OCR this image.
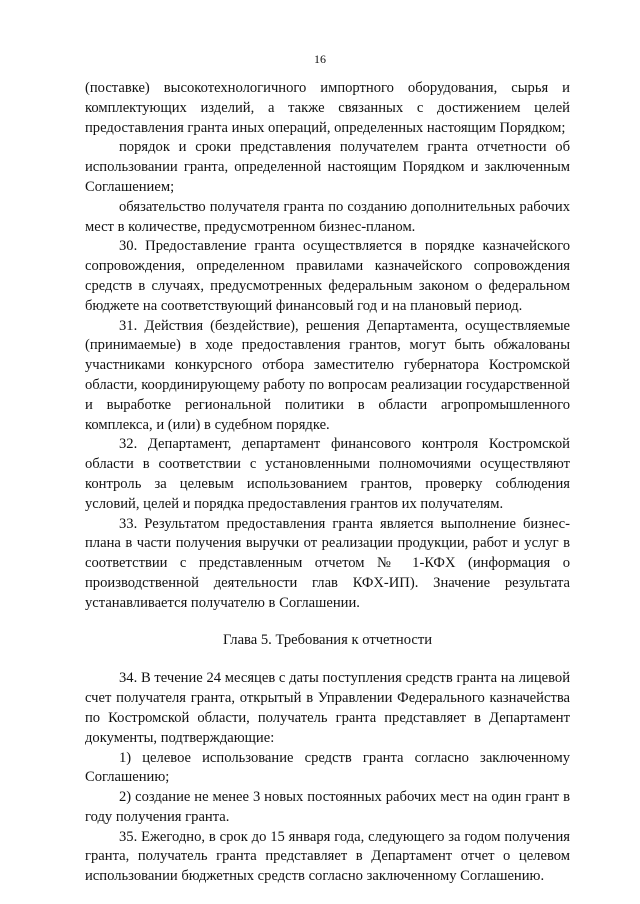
16

(поставке) высокотехнологичного импортного оборудования, сырья и комплектующих изделий, а также связанных с достижением целей предоставления гранта иных операций, определенных настоящим Порядком;

порядок и сроки представления получателем гранта отчетности об использовании гранта, определенной настоящим Порядком и заключенным Соглашением;

обязательство получателя гранта по созданию дополнительных рабочих мест в количестве, предусмотренном бизнес-планом.

30. Предоставление гранта осуществляется в порядке казначейского сопровождения, определенном правилами казначейского сопровождения средств в случаях, предусмотренных федеральным законом о федеральном бюджете на соответствующий финансовый год и на плановый период.

31. Действия (бездействие), решения Департамента, осуществляемые (принимаемые) в ходе предоставления грантов, могут быть обжалованы участниками конкурсного отбора заместителю губернатора Костромской области, координирующему работу по вопросам реализации государственной и выработке региональной политики в области агропромышленного комплекса, и (или) в судебном порядке.

32. Департамент, департамент финансового контроля Костромской области в соответствии с установленными полномочиями осуществляют контроль за целевым использованием грантов, проверку соблюдения условий, целей и порядка предоставления грантов их получателям.

33. Результатом предоставления гранта является выполнение бизнес-плана в части получения выручки от реализации продукции, работ и услуг в соответствии с представленным отчетом № 1-КФХ (информация о производственной деятельности глав КФХ-ИП). Значение результата устанавливается получателю в Соглашении.

Глава 5. Требования к отчетности

34. В течение 24 месяцев с даты поступления средств гранта на лицевой счет получателя гранта, открытый в Управлении Федерального казначейства по Костромской области, получатель гранта представляет в Департамент документы, подтверждающие:

1) целевое использование средств гранта согласно заключенному Соглашению;

2) создание не менее 3 новых постоянных рабочих мест на один грант в году получения гранта.

35. Ежегодно, в срок до 15 января года, следующего за годом получения гранта, получатель гранта представляет в Департамент отчет о целевом использовании бюджетных средств согласно заключенному Соглашению.
